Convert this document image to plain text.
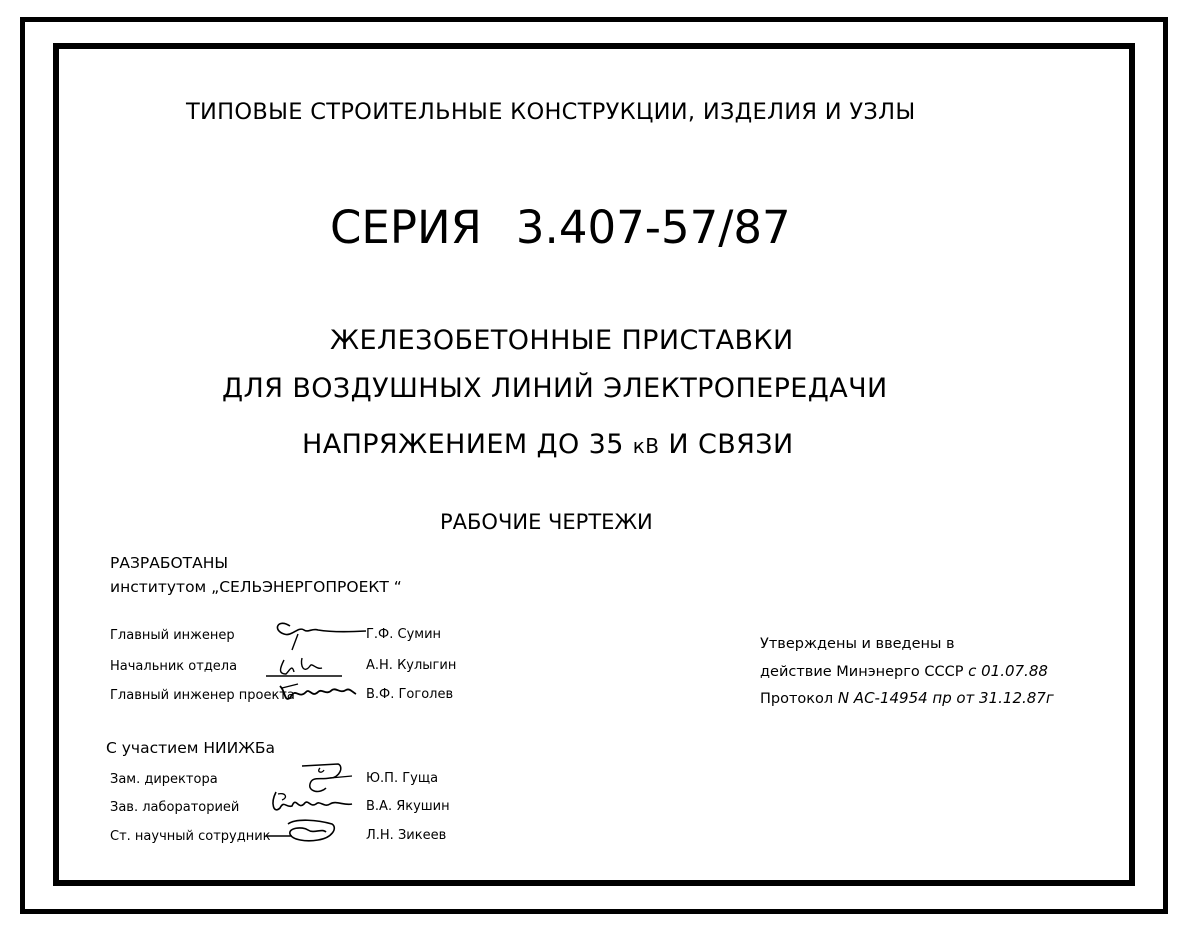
ТИПОВЫЕ СТРОИТЕЛЬНЫЕ КОНСТРУКЦИИ, ИЗДЕЛИЯ И УЗЛЫ
СЕРИЯ 3.407-57/87
ЖЕЛЕЗОБЕТОННЫЕ ПРИСТАВКИ
ДЛЯ ВОЗДУШНЫХ ЛИНИЙ ЭЛЕКТРОПЕРЕДАЧИ
НАПРЯЖЕНИЕМ ДО 35 кВ И СВЯЗИ
РАБОЧИЕ ЧЕРТЕЖИ
РАЗРАБОТАНЫ
институтом „СЕЛЬЭНЕРГОПРОЕКТ “
Главный инженер	Г.Ф. Сумин
Начальник отдела	А.Н. Кулыгин
Главный инженер проекта	В.Ф. Гоголев
С участием НИИЖБа
Зам. директора	Ю.П. Гуща
Зав. лабораторией	В.А. Якушин
Ст. научный сотрудник	Л.Н. Зикеев
Утверждены и введены в
действие Минэнерго СССР с 01.07.88
Протокол N AC-14954 пр от 31.12.87г
